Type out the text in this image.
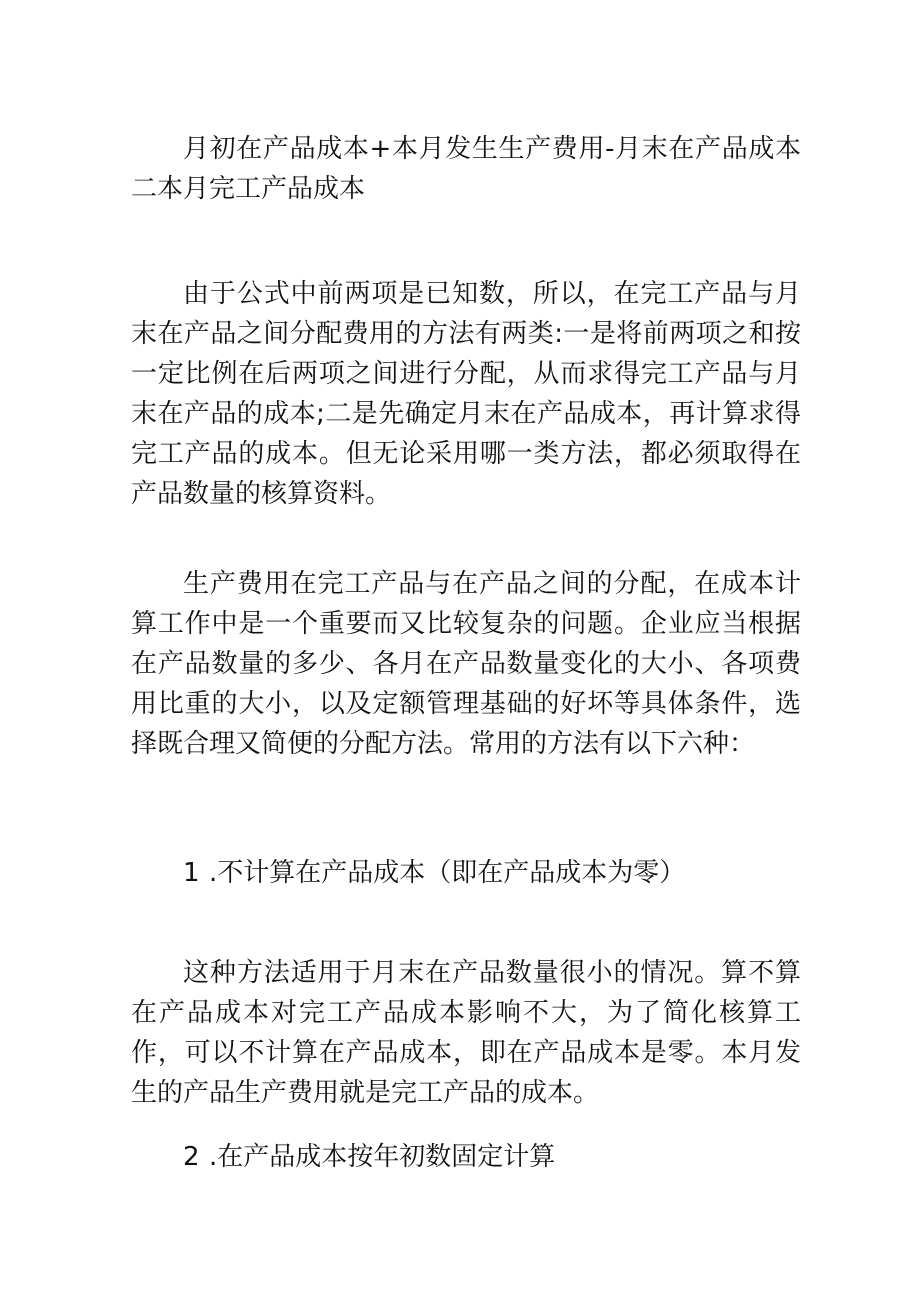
月初在产品成本+本月发生生产费用-月末在产品成本二本月完工产品成本

由于公式中前两项是已知数，所以，在完工产品与月末在产品之间分配费用的方法有两类:一是将前两项之和按一定比例在后两项之间进行分配，从而求得完工产品与月末在产品的成本;二是先确定月末在产品成本，再计算求得完工产品的成本。但无论采用哪一类方法，都必须取得在产品数量的核算资料。

生产费用在完工产品与在产品之间的分配，在成本计算工作中是一个重要而又比较复杂的问题。企业应当根据在产品数量的多少、各月在产品数量变化的大小、各项费用比重的大小，以及定额管理基础的好坏等具体条件，选择既合理又简便的分配方法。常用的方法有以下六种：

1 .不计算在产品成本（即在产品成本为零）

这种方法适用于月末在产品数量很小的情况。算不算在产品成本对完工产品成本影响不大，为了简化核算工作，可以不计算在产品成本，即在产品成本是零。本月发生的产品生产费用就是完工产品的成本。

2 .在产品成本按年初数固定计算
